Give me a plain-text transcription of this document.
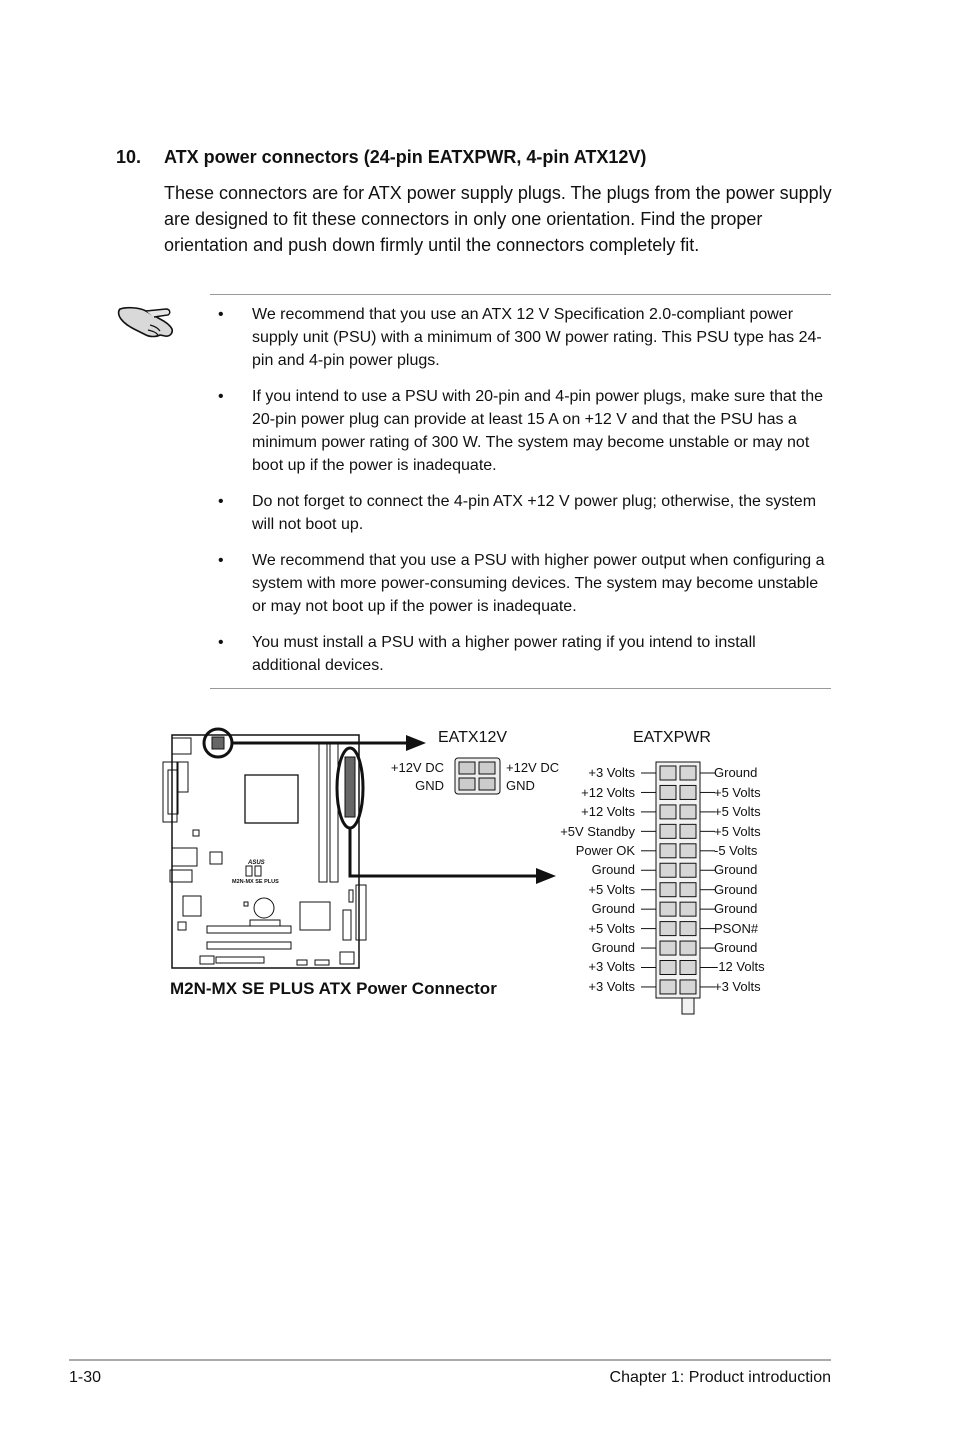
10. ATX power connectors (24-pin EATXPWR, 4-pin ATX12V)
These connectors are for ATX power supply plugs. The plugs from the power supply are designed to fit these connectors in only one orientation. Find the proper orientation and push down firmly until the connectors completely fit.
• We recommend that you use an ATX 12 V Specification 2.0-compliant power supply unit (PSU) with a minimum of 300 W power rating. This PSU type has 24-pin and 4-pin power plugs.
• If you intend to use a PSU with 20-pin and 4-pin power plugs, make sure that the 20-pin power plug can provide at least 15 A on +12 V and that the PSU has a minimum power rating of 300 W. The system may become unstable or may not boot up if the power is inadequate.
• Do not forget to connect the 4-pin ATX +12 V power plug; otherwise, the system will not boot up.
• We recommend that you use a PSU with higher power output when configuring a system with more power-consuming devices. The system may become unstable or may not boot up if the power is inadequate.
• You must install a PSU with a higher power rating if you intend to install additional devices.
ASUS
M2N-MX SE PLUS
EATX12V
+12V DC
GND
+12V DC
GND
EATXPWR
+3 Volts
+12 Volts
+12 Volts
+5V Standby
Power OK
Ground
+5 Volts
Ground
+5 Volts
Ground
+3 Volts
+3 Volts
Ground
+5 Volts
+5 Volts
+5 Volts
-5 Volts
Ground
Ground
Ground
PSON#
Ground
-12 Volts
+3 Volts
M2N-MX SE PLUS ATX Power Connector
1-30	Chapter 1: Product introduction
